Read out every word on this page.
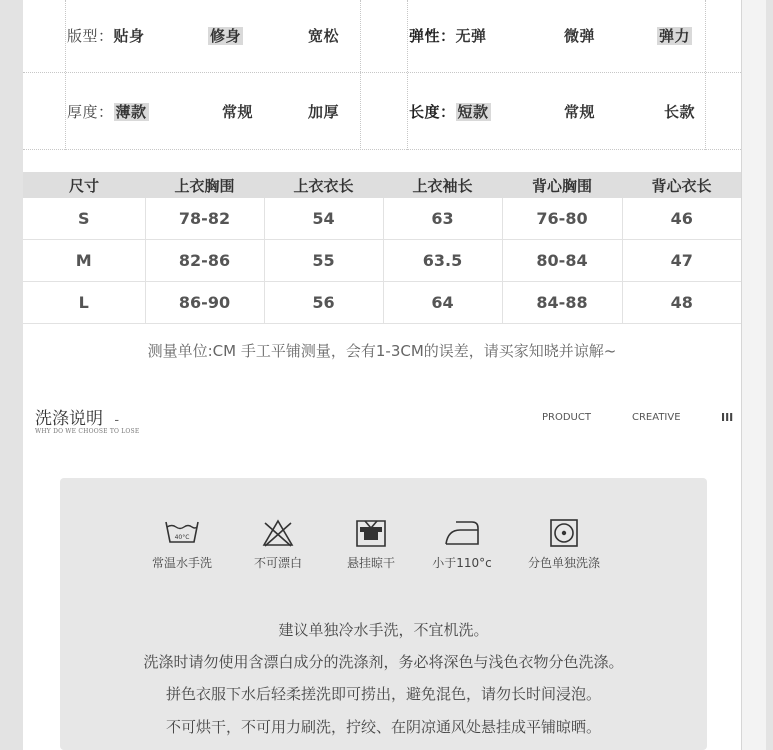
版型：贴身	修身	宽松	弹性：无弹	微弹	弹力
厚度： 薄款	常规	加厚	长度： 短款	常规	长款
尺寸	上衣胸围	上衣衣长	上衣袖长	背心胸围	背心衣长
S	78-82	54	63	76-80	46
M	82-86	55	63.5	80-84	47
L	86-90	56	64	84-88	48
测量单位:CM 手工平铺测量，会有1-3CM的误差，请买家知晓并谅解~
洗涤说明 -
WHY DO WE CHOOSE TO LOSE
PRODUCT	CREATIVE	III
40°C
常温水手洗	不可漂白	悬挂晾干	小于110°c	分色单独洗涤
建议单独冷水手洗，不宜机洗。
洗涤时请勿使用含漂白成分的洗涤剂，务必将深色与浅色衣物分色洗涤。
拼色衣服下水后轻柔搓洗即可捞出，避免混色，请勿长时间浸泡。
不可烘干，不可用力刷洗，拧绞、在阴凉通风处悬挂成平铺晾晒。
